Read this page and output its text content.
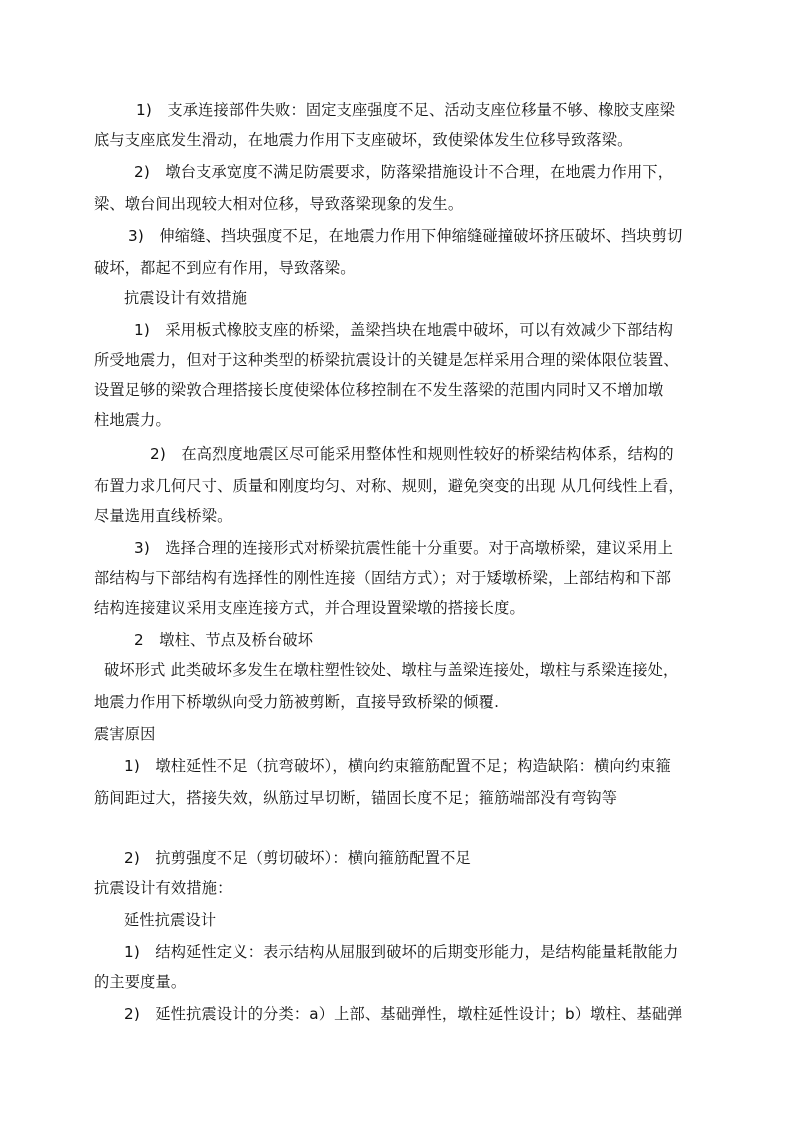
1)　支承连接部件失败：固定支座强度不足、活动支座位移量不够、橡胶支座梁
底与支座底发生滑动，在地震力作用下支座破坏，致使梁体发生位移导致落梁。
2)　墩台支承宽度不满足防震要求，防落梁措施设计不合理，在地震力作用下，
梁、墩台间出现较大相对位移，导致落梁现象的发生。
3)　伸缩缝、挡块强度不足，在地震力作用下伸缩缝碰撞破坏挤压破坏、挡块剪切
破坏，都起不到应有作用，导致落梁。
抗震设计有效措施
1)　采用板式橡胶支座的桥梁，盖梁挡块在地震中破坏，可以有效减少下部结构
所受地震力，但对于这种类型的桥梁抗震设计的关键是怎样采用合理的梁体限位装置、
设置足够的梁敦合理搭接长度使梁体位移控制在不发生落梁的范围内同时又不增加墩
柱地震力。
2)　在高烈度地震区尽可能采用整体性和规则性较好的桥梁结构体系，结构的
布置力求几何尺寸、质量和刚度均匀、对称、规则，避免突变的出现 从几何线性上看，
尽量选用直线桥梁。
3)　选择合理的连接形式对桥梁抗震性能十分重要。对于高墩桥梁，建议采用上
部结构与下部结构有选择性的刚性连接（固结方式）；对于矮墩桥梁，上部结构和下部
结构连接建议采用支座连接方式，并合理设置梁墩的搭接长度。
2　墩柱、节点及桥台破坏
破坏形式 此类破坏多发生在墩柱塑性铰处、墩柱与盖梁连接处，墩柱与系梁连接处，
地震力作用下桥墩纵向受力筋被剪断，直接导致桥梁的倾覆.
震害原因
1)　墩柱延性不足（抗弯破坏），横向约束箍筋配置不足；构造缺陷：横向约束箍
筋间距过大，搭接失效，纵筋过早切断，锚固长度不足；箍筋端部没有弯钩等
2)　抗剪强度不足（剪切破坏）：横向箍筋配置不足
抗震设计有效措施：
延性抗震设计
1)　结构延性定义：表示结构从屈服到破坏的后期变形能力，是结构能量耗散能力
的主要度量。
2)　延性抗震设计的分类：a）上部、基础弹性，墩柱延性设计；b）墩柱、基础弹
